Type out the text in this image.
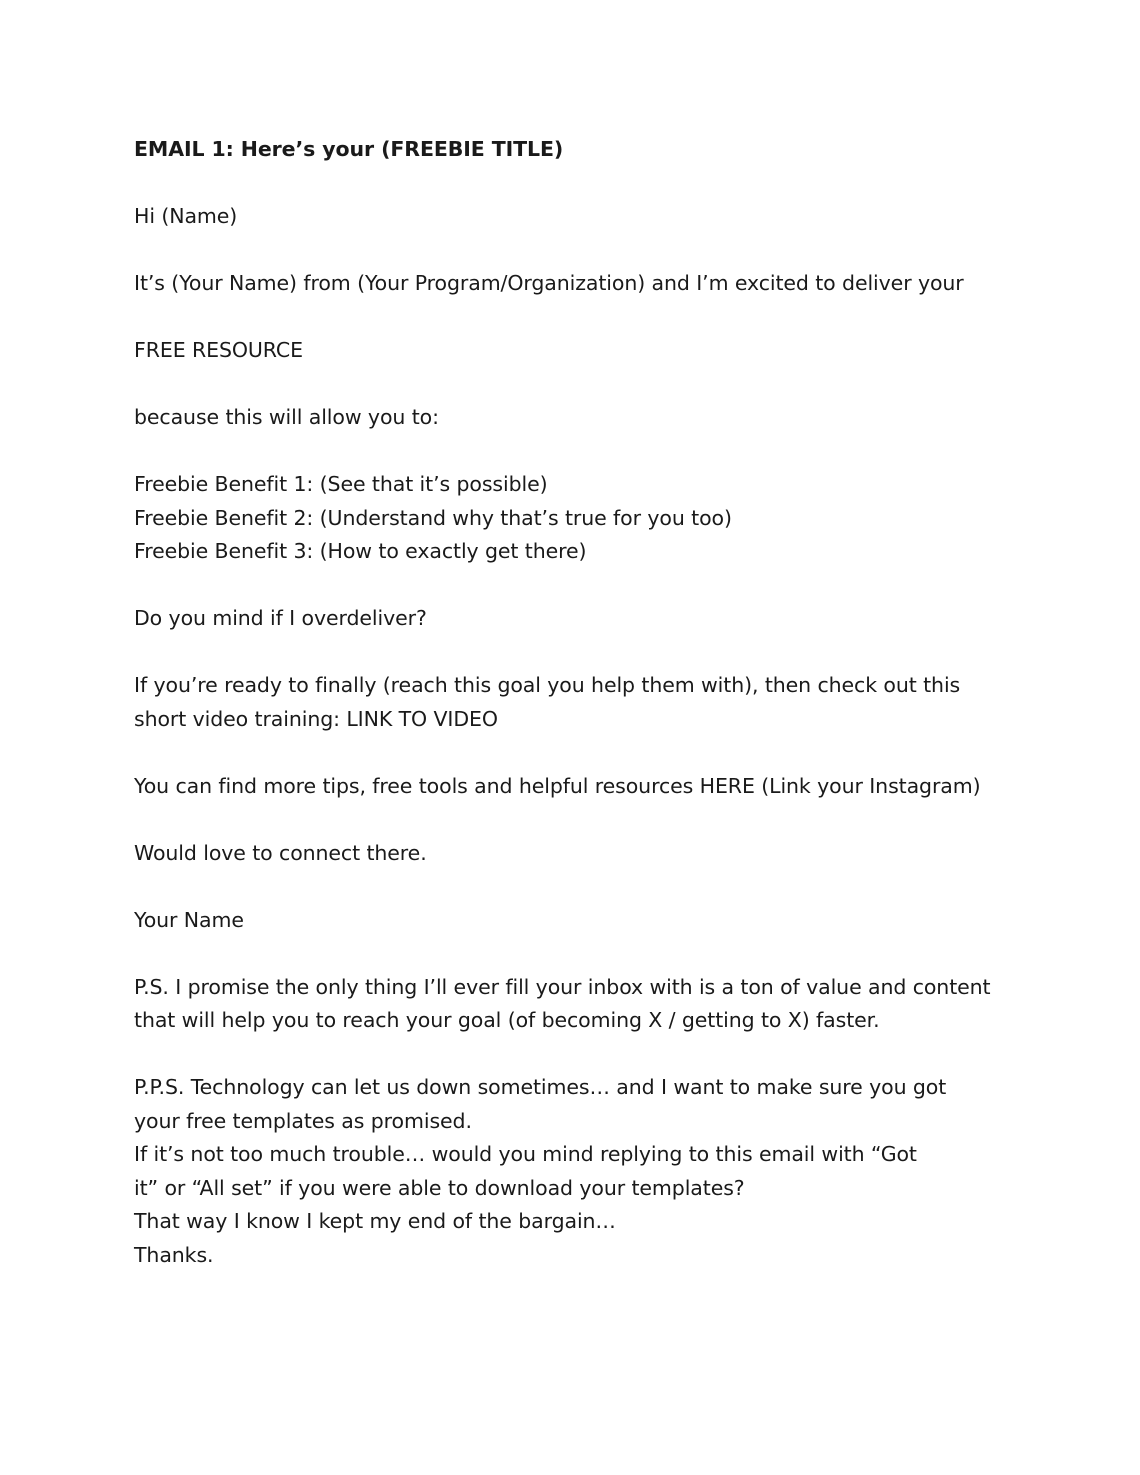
EMAIL 1: Here’s your (FREEBIE TITLE)
Hi (Name)
It’s (Your Name) from (Your Program/Organization) and I’m excited to deliver your
FREE RESOURCE
because this will allow you to:
Freebie Benefit 1: (See that it’s possible)
Freebie Benefit 2: (Understand why that’s true for you too)
Freebie Benefit 3: (How to exactly get there)
Do you mind if I overdeliver?
If you’re ready to finally (reach this goal you help them with), then check out this
short video training: LINK TO VIDEO
You can find more tips, free tools and helpful resources HERE (Link your Instagram)
Would love to connect there.
Your Name
P.S. I promise the only thing I’ll ever fill your inbox with is a ton of value and content
that will help you to reach your goal (of becoming X / getting to X) faster.
P.P.S. Technology can let us down sometimes… and I want to make sure you got
your free templates as promised.
If it’s not too much trouble… would you mind replying to this email with “Got
it” or “All set” if you were able to download your templates?
That way I know I kept my end of the bargain…
Thanks.
